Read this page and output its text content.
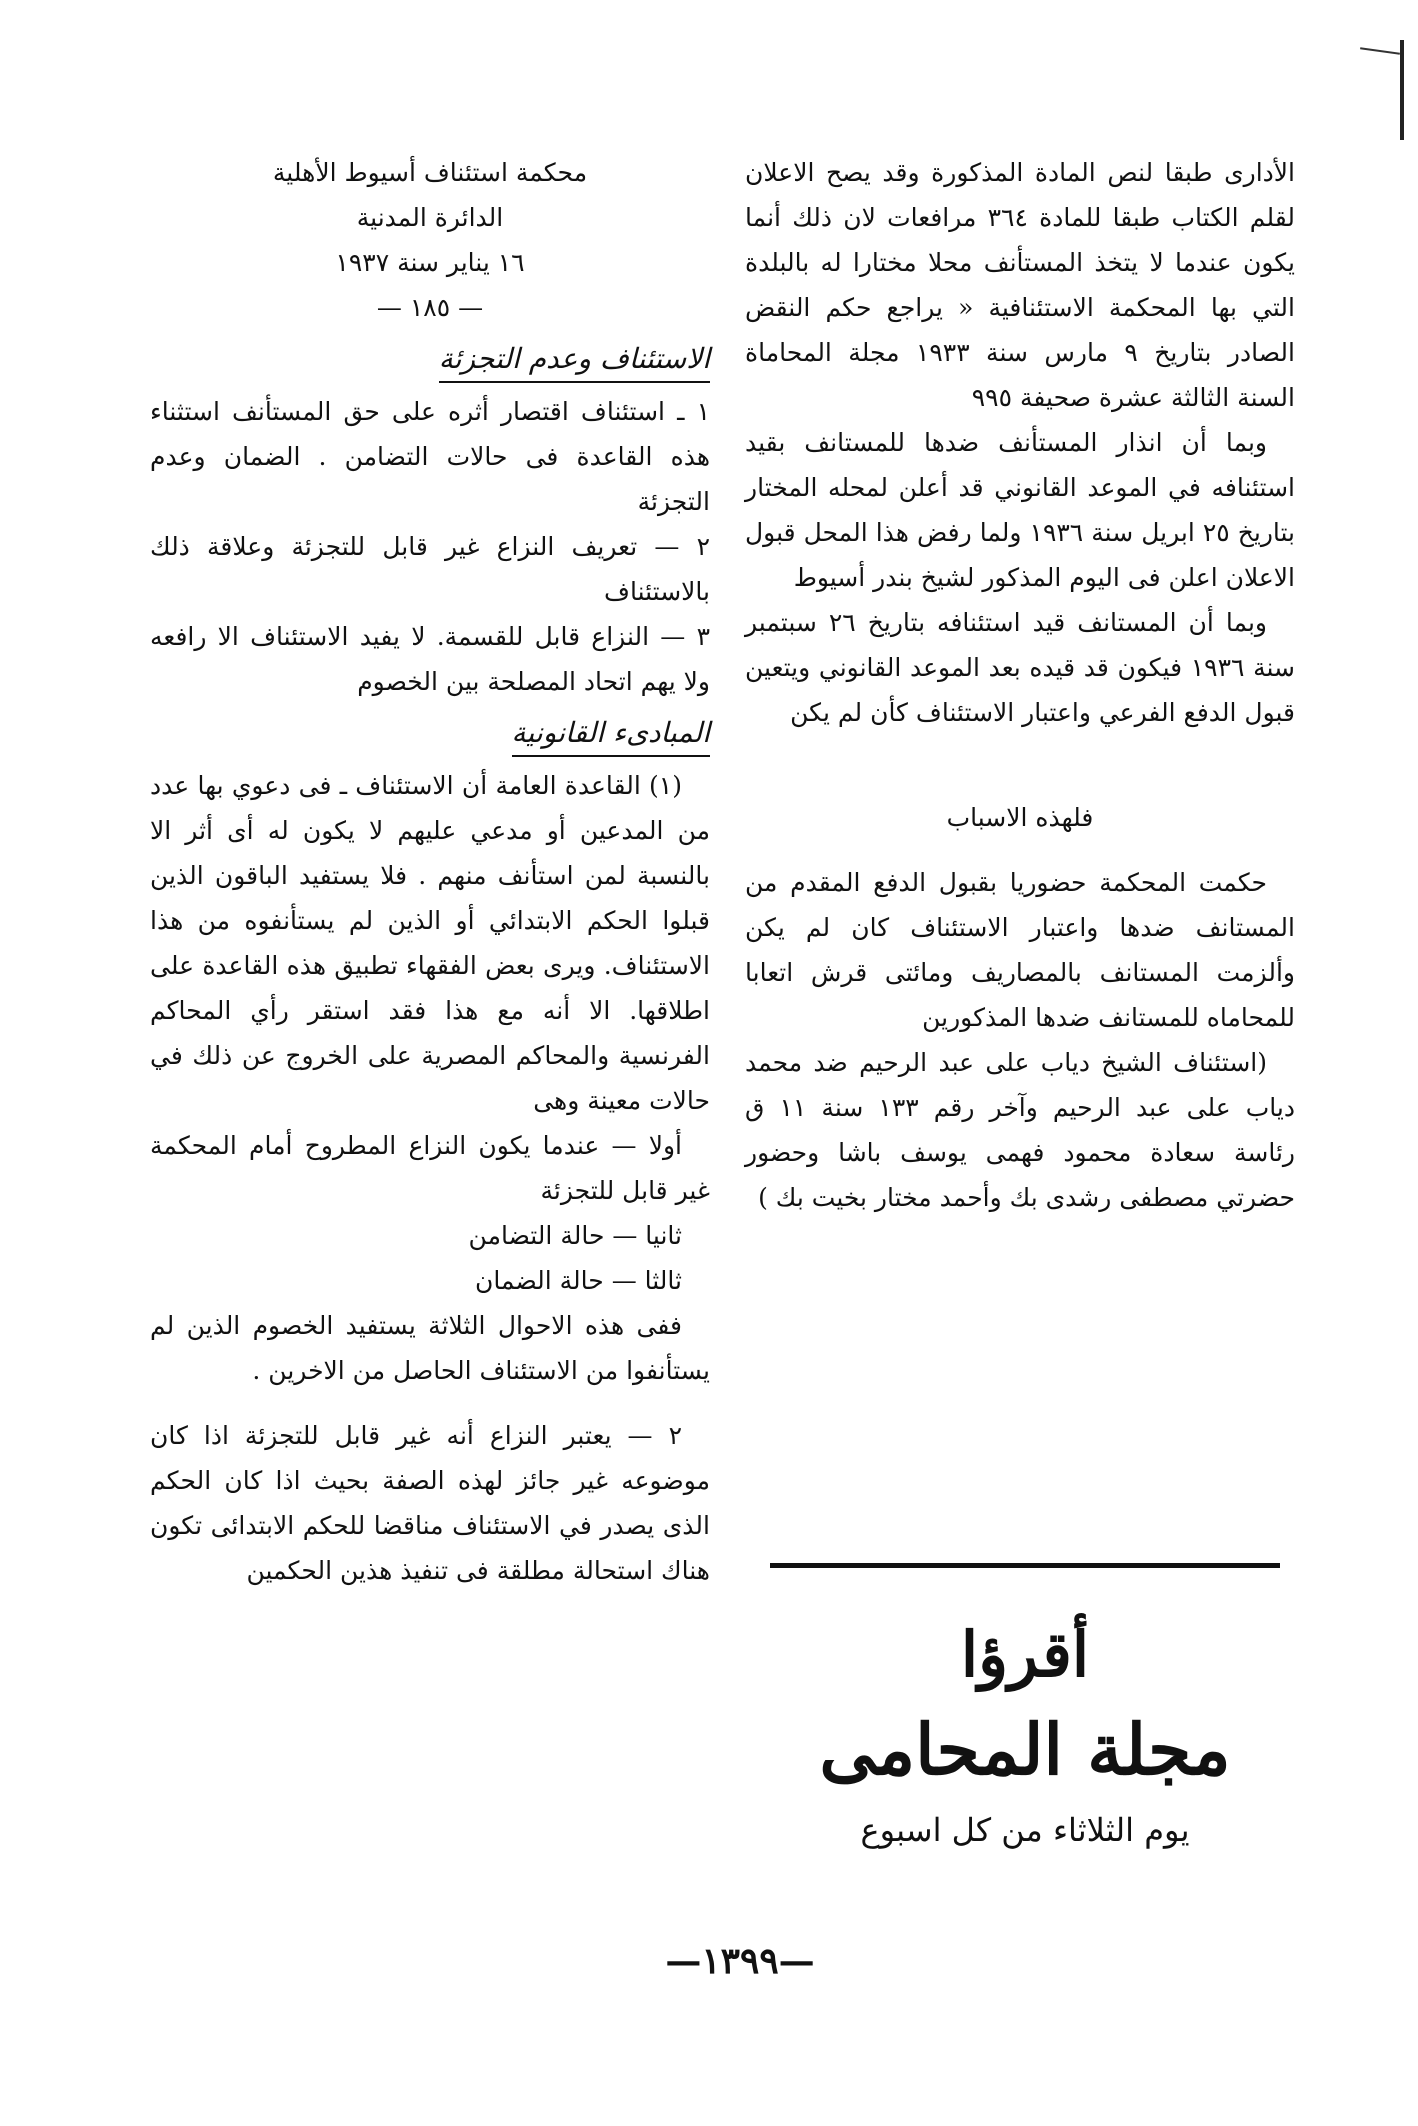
الأدارى طبقا لنص المادة المذكورة وقد يصح الاعلان لقلم الكتاب طبقا للمادة ٣٦٤ مرافعات لان ذلك أنما يكون عندما لا يتخذ المستأنف محلا مختارا له بالبلدة التي بها المحكمة الاستئنافية « يراجع حكم النقض الصادر بتاريخ ٩ مارس سنة ١٩٣٣ مجلة المحاماة السنة الثالثة عشرة صحيفة ٩٩٥

وبما أن انذار المستأنف ضدها للمستانف بقيد استئنافه في الموعد القانوني قد أعلن لمحله المختار بتاريخ ٢٥ ابريل سنة ١٩٣٦ ولما رفض هذا المحل قبول الاعلان اعلن فى اليوم المذكور لشيخ بندر أسيوط

وبما أن المستانف قيد استئنافه بتاريخ ٢٦ سبتمبر سنة ١٩٣٦ فيكون قد قيده بعد الموعد القانوني ويتعين قبول الدفع الفرعي واعتبار الاستئناف كأن لم يكن

فلهذه الاسباب

حكمت المحكمة حضوريا بقبول الدفع المقدم من المستانف ضدها واعتبار الاستئناف كان لم يكن وألزمت المستانف بالمصاريف ومائتى قرش اتعابا للمحاماه للمستانف ضدها المذكورين

(استئناف الشيخ دياب على عبد الرحيم ضد محمد دياب على عبد الرحيم وآخر رقم ١٣٣ سنة ١١ ق رئاسة سعادة محمود فهمى يوسف باشا وحضور حضرتي مصطفى رشدى بك وأحمد مختار بخيت بك )

محكمة استئناف أسيوط الأهلية

الدائرة المدنية

١٦ يناير سنة ١٩٣٧

— ١٨٥ —

الاستئناف وعدم التجزئة

١ ـ استئناف اقتصار أثره على حق المستأنف استثناء هذه القاعدة فى حالات التضامن . الضمان وعدم التجزئة

٢ — تعريف النزاع غير قابل للتجزئة وعلاقة ذلك بالاستئناف

٣ — النزاع قابل للقسمة. لا يفيد الاستئناف الا رافعه ولا يهم اتحاد المصلحة بين الخصوم

المبادىء القانونية

(١) القاعدة العامة أن الاستئناف ـ فى دعوي بها عدد من المدعين أو مدعي عليهم لا يكون له أى أثر الا بالنسبة لمن استأنف منهم . فلا يستفيد الباقون الذين قبلوا الحكم الابتدائي أو الذين لم يستأنفوه من هذا الاستئناف. ويرى بعض الفقهاء تطبيق هذه القاعدة على اطلاقها. الا أنه مع هذا فقد استقر رأي المحاكم الفرنسية والمحاكم المصرية على الخروج عن ذلك في حالات معينة وهى

أولا — عندما يكون النزاع المطروح أمام المحكمة غير قابل للتجزئة

ثانيا — حالة التضامن

ثالثا — حالة الضمان

ففى هذه الاحوال الثلاثة يستفيد الخصوم الذين لم يستأنفوا من الاستئناف الحاصل من الاخرين .

٢ — يعتبر النزاع أنه غير قابل للتجزئة اذا كان موضوعه غير جائز لهذه الصفة بحيث اذا كان الحكم الذى يصدر في الاستئناف مناقضا للحكم الابتدائى تكون هناك استحالة مطلقة فى تنفيذ هذين الحكمين

أقرؤا
مجلة المحامى
يوم الثلاثاء من كل اسبوع
—١٣٩٩—
